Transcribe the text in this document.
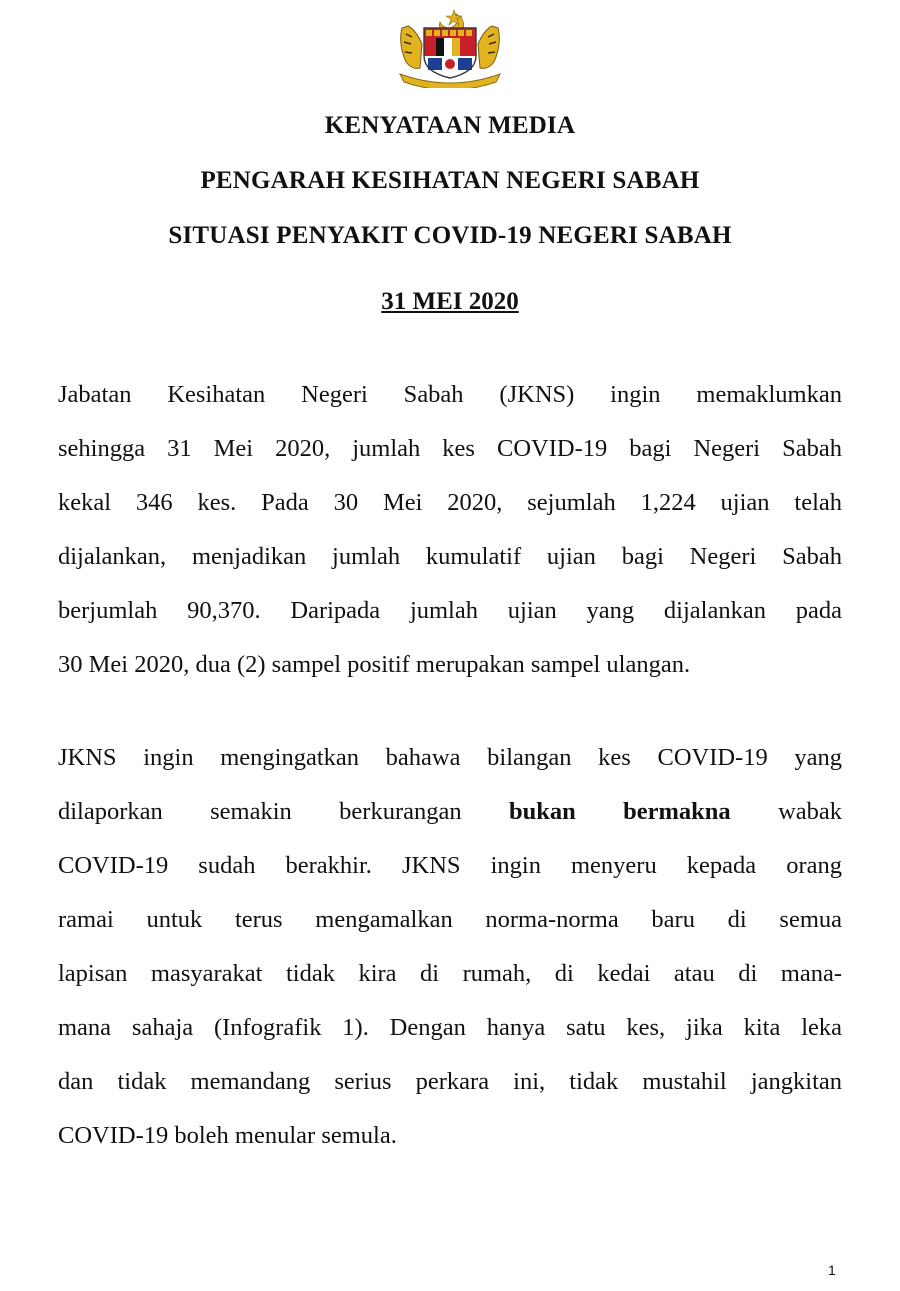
KENYATAAN MEDIA
PENGARAH KESIHATAN NEGERI SABAH
SITUASI PENYAKIT COVID-19 NEGERI SABAH
31 MEI 2020
Jabatan Kesihatan Negeri Sabah (JKNS) ingin memaklumkan
sehingga 31 Mei 2020, jumlah kes COVID-19 bagi Negeri Sabah
kekal 346 kes. Pada 30 Mei 2020, sejumlah 1,224 ujian telah
dijalankan, menjadikan jumlah kumulatif ujian bagi Negeri Sabah
berjumlah 90,370. Daripada jumlah ujian yang dijalankan pada
30 Mei 2020, dua (2) sampel positif merupakan sampel ulangan.
JKNS ingin mengingatkan bahawa bilangan kes COVID-19 yang
dilaporkan semakin berkurangan bukan bermakna wabak
COVID-19 sudah berakhir. JKNS ingin menyeru kepada orang
ramai untuk terus mengamalkan norma-norma baru di semua
lapisan masyarakat tidak kira di rumah, di kedai atau di mana-
mana sahaja (Infografik 1). Dengan hanya satu kes, jika kita leka
dan tidak memandang serius perkara ini, tidak mustahil jangkitan
COVID-19 boleh menular semula.
1
